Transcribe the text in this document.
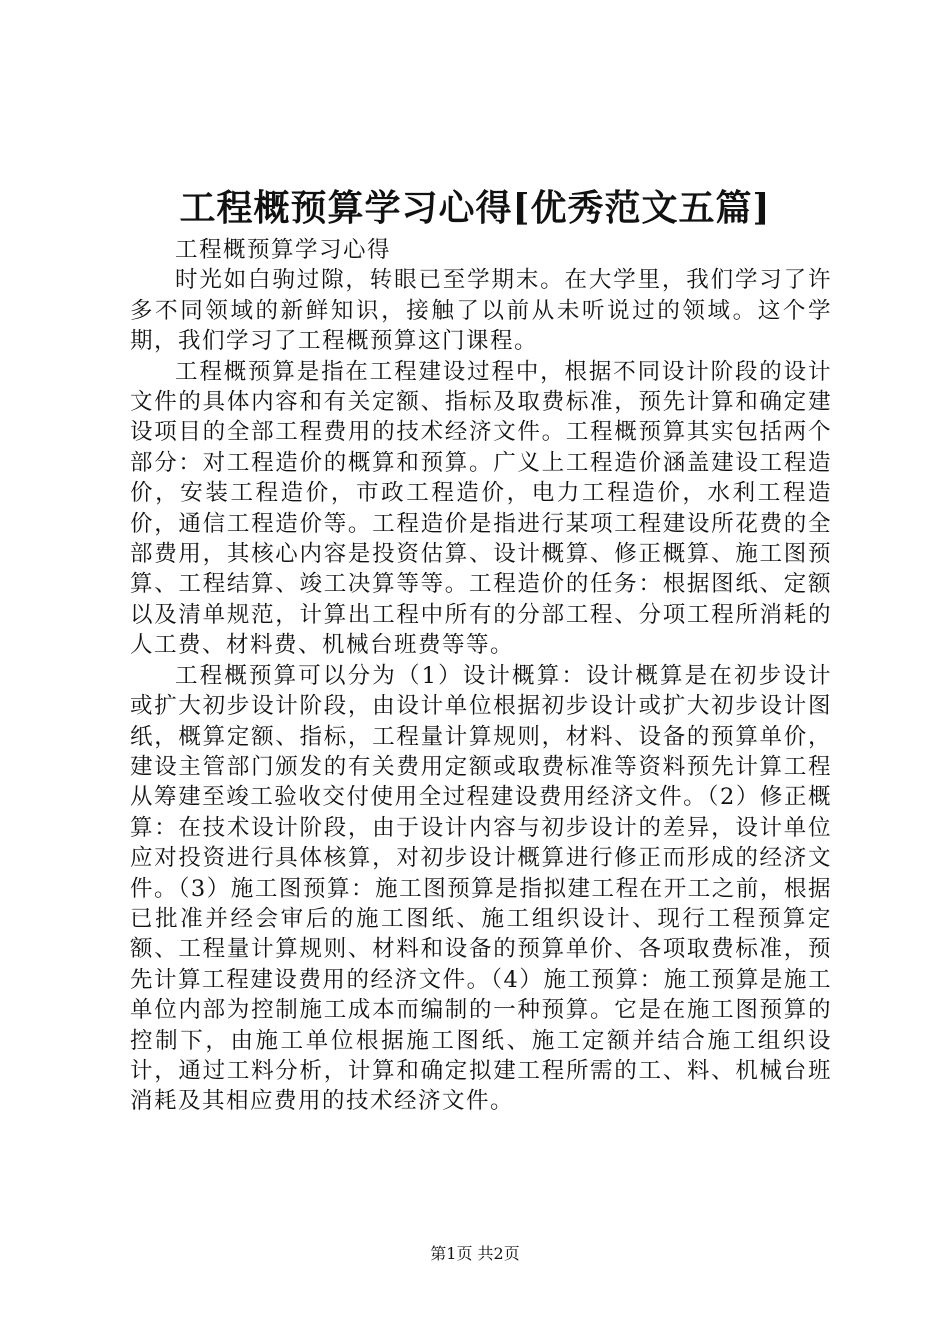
工程概预算学习心得[优秀范文五篇]

工程概预算学习心得

时光如白驹过隙，转眼已至学期末。在大学里，我们学习了许多不同领域的新鲜知识，接触了以前从未听说过的领域。这个学期，我们学习了工程概预算这门课程。

工程概预算是指在工程建设过程中，根据不同设计阶段的设计文件的具体内容和有关定额、指标及取费标准，预先计算和确定建设项目的全部工程费用的技术经济文件。工程概预算其实包括两个部分：对工程造价的概算和预算。广义上工程造价涵盖建设工程造价，安装工程造价，市政工程造价，电力工程造价，水利工程造价，通信工程造价等。工程造价是指进行某项工程建设所花费的全部费用，其核心内容是投资估算、设计概算、修正概算、施工图预算、工程结算、竣工决算等等。工程造价的任务：根据图纸、定额以及清单规范，计算出工程中所有的分部工程、分项工程所消耗的人工费、材料费、机械台班费等等。

工程概预算可以分为（1）设计概算：设计概算是在初步设计或扩大初步设计阶段，由设计单位根据初步设计或扩大初步设计图纸，概算定额、指标，工程量计算规则，材料、设备的预算单价，建设主管部门颁发的有关费用定额或取费标准等资料预先计算工程从筹建至竣工验收交付使用全过程建设费用经济文件。（2）修正概算：在技术设计阶段，由于设计内容与初步设计的差异，设计单位应对投资进行具体核算，对初步设计概算进行修正而形成的经济文件。（3）施工图预算：施工图预算是指拟建工程在开工之前，根据已批准并经会审后的施工图纸、施工组织设计、现行工程预算定额、工程量计算规则、材料和设备的预算单价、各项取费标准，预先计算工程建设费用的经济文件。（4）施工预算：施工预算是施工单位内部为控制施工成本而编制的一种预算。它是在施工图预算的控制下，由施工单位根据施工图纸、施工定额并结合施工组织设计，通过工料分析，计算和确定拟建工程所需的工、料、机械台班消耗及其相应费用的技术经济文件。

第1页 共2页
